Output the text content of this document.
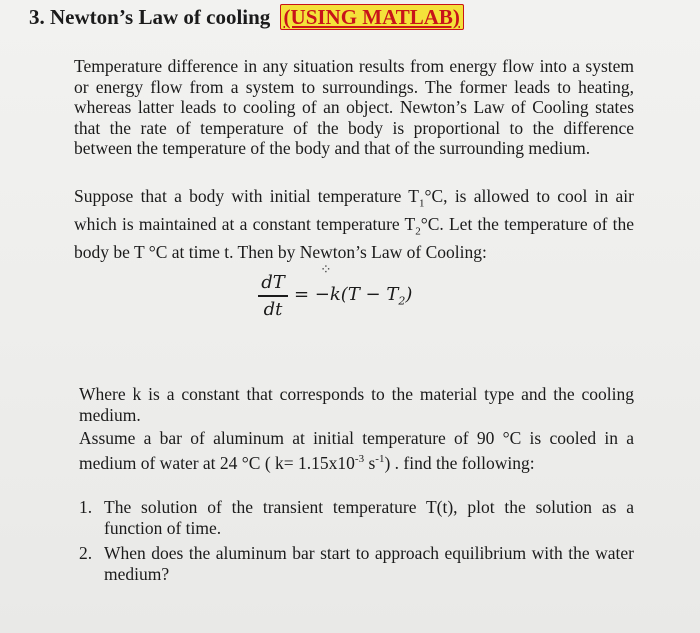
3. Newton’s Law of cooling (USING MATLAB)
Temperature difference in any situation results from energy flow into a system or energy flow from a system to surroundings. The former leads to heating, whereas latter leads to cooling of an object. Newton’s Law of Cooling states that the rate of temperature of the body is proportional to the difference between the temperature of the body and that of the surrounding medium.
Suppose that a body with initial temperature $T_1^\circ C$, is allowed to cool in air which is maintained at a constant temperature $T_2^\circ C$. Let the temperature of the body be T °C at time t. Then by Newton’s Law of Cooling:
⁘
$\frac{dT}{dt} = -k(T - T_2)$
Where k is a constant that corresponds to the material type and the cooling medium.
Assume a bar of aluminum at initial temperature of 90 °C is cooled in a medium of water at 24 °C ( $k= 1.15x10^{-3}$ $s^{-1}$) . find the following:
1. The solution of the transient temperature T(t), plot the solution as a function of time.
2. When does the aluminum bar start to approach equilibrium with the water medium?
